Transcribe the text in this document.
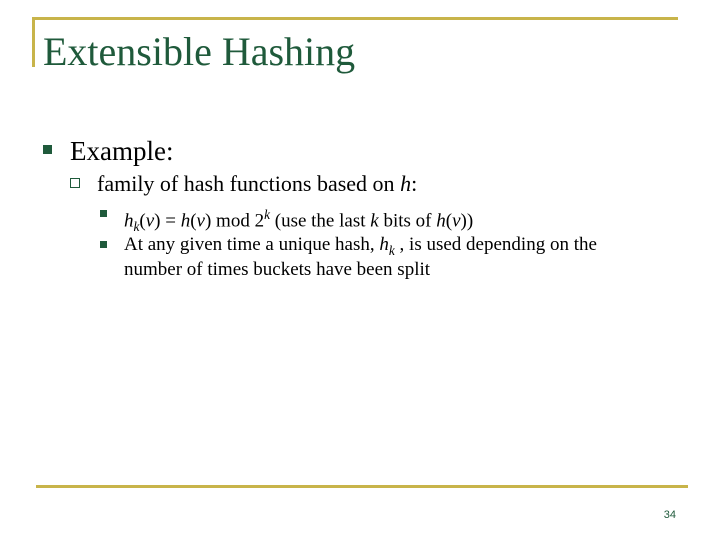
Extensible Hashing
Example:
family of hash functions based on h:
$h_k(v) = h(v)$ mod 2$^k$ (use the last k bits of h(v))
At any given time a unique hash, $h_k$ , is used depending on the
number of times buckets have been split
34
